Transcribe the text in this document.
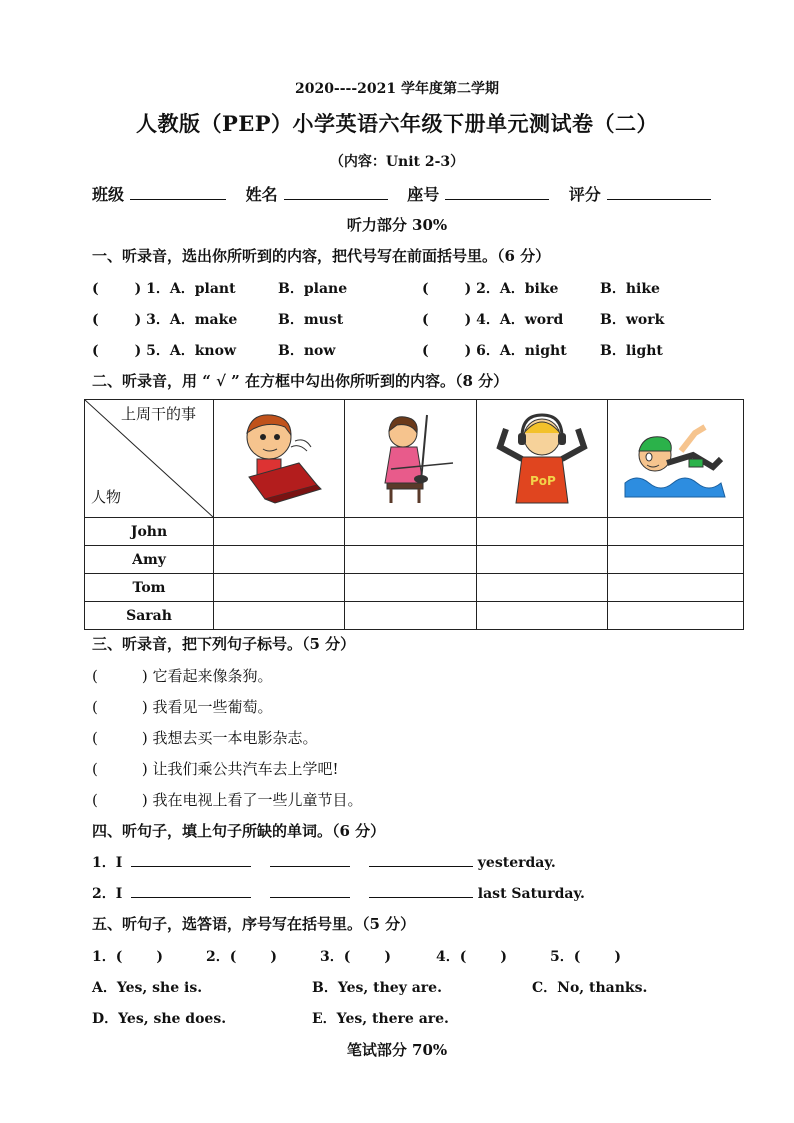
2020----2021 学年度第二学期
人教版（PEP）小学英语六年级下册单元测试卷（二）
（内容：Unit 2-3）
班级	姓名	座号	评分
听力部分 30%
一、听录音，选出你所听到的内容，把代号写在前面括号里。（6 分）
(	) 1．A．plant	B．plane	(	) 2．A．bike	B．hike
(	) 3．A．make	B．must	(	) 4．A．word	B．work
(	) 5．A．know	B．now	(	) 6．A．night B．light
二、听录音，用 “ √ ” 在方框中勾出你所听到的内容。（8 分）
上周干的事
人物			PoP

John				
Amy				
Tom				
Sarah				
三、听录音，把下列句子标号。（5 分）
(	) 它看起来像条狗。
(	) 我看见一些葡萄。
(	) 我想去买一本电影杂志。
(	) 让我们乘公共汽车去上学吧!
(	) 我在电视上看了一些儿童节目。
四、听句子，填上句子所缺的单词。（6 分）
1．I	yesterday.
2．I	last Saturday.
五、听句子，选答语，序号写在括号里。（5 分）
1．( )	2．( )	3．( )	4．( )	5．( )
A．Yes, she is.	B．Yes, they are.	C．No, thanks.
D．Yes, she does.	E．Yes, there are.
笔试部分 70%
